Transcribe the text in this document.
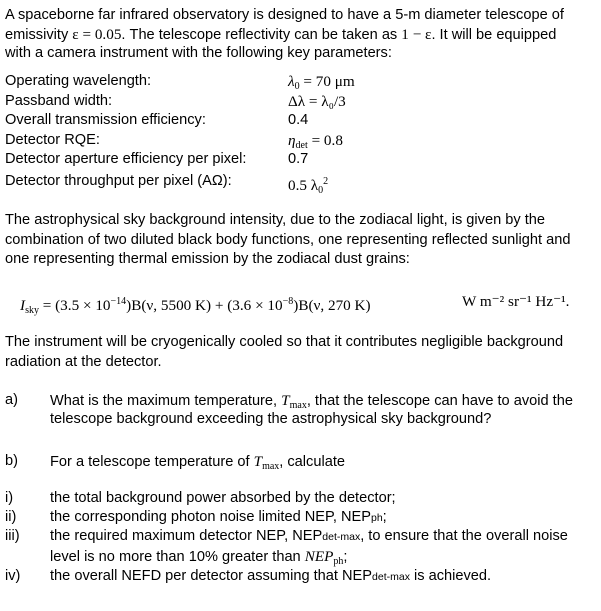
A spaceborne far infrared observatory is designed to have a 5-m diameter telescope of
emissivity ε = 0.05. The telescope reflectivity can be taken as 1 − ε. It will be equipped
with a camera instrument with the following key parameters:
Operating wavelength:	$\lambda_0 = 70$ μm
Passband width:	Δλ = λ₀/3
Overall transmission efficiency:	0.4
Detector RQE:	$\eta_{det} = 0.8$
Detector aperture efficiency per pixel:	0.7
Detector throughput per pixel (AΩ):	0.5 $\lambda_0^2$
The astrophysical sky background intensity, due to the zodiacal light, is given by the
combination of two diluted black body functions, one representing reflected sunlight and
one representing thermal emission by the zodiacal dust grains:
$I_{sky} = (3.5 \times 10^{-14})B(\nu$, 5500 $K) + (3.6 \times 10^{-8})B(\nu$, 270 K)	W m⁻² sr⁻¹ Hz⁻¹.
The instrument will be cryogenically cooled so that it contributes negligible background
radiation at the detector.
a) What is the maximum temperature, $T_{max}$, that the telescope can have to avoid the
telescope background exceeding the astrophysical sky background?
b) For a telescope temperature of $T_{max}$, calculate
i)	the total background power absorbed by the detector;
ii) the corresponding photon noise limited NEP, NEPph;
iii) the required maximum detector NEP, NEPdet-max, to ensure that the overall noise
level is no more than 10% greater than $NEP_{ph}$;
iv) the overall NEFD per detector assuming that NEPdet-max is achieved.
